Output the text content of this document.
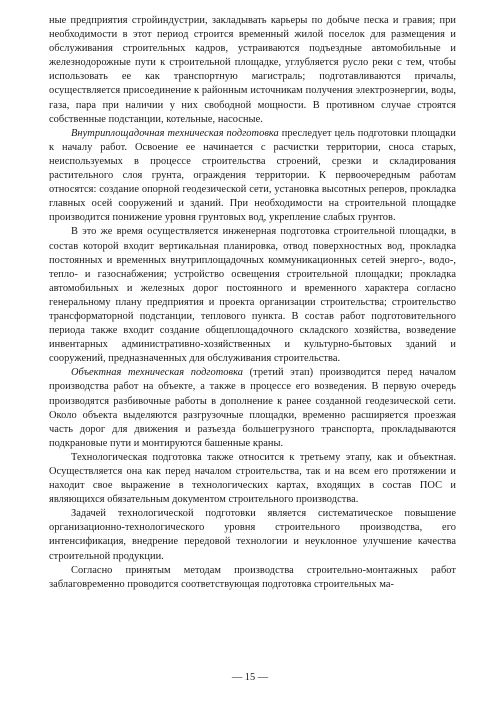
ные предприятия стройиндустрии, закладывать карьеры по добыче песка и гравия; при необходимости в этот период строится временный жилой поселок для размещения и обслуживания строительных кадров, устраиваются подъездные автомобильные и железнодорожные пути к строительной площадке, углубляется русло реки с тем, чтобы использовать ее как транспортную магистраль; подготавливаются причалы, осуществляется присоединение к районным источникам получения электроэнергии, воды, газа, пара при наличии у них свободной мощности. В противном случае строятся собственные подстанции, котельные, насосные.

Внутриплощадочная техническая подготовка преследует цель подготовки площадки к началу работ. Освоение ее начинается с расчистки территории, сноса старых, неиспользуемых в процессе строительства строений, срезки и складирования растительного слоя грунта, ограждения территории. К первоочередным работам относятся: создание опорной геодезической сети, установка высотных реперов, прокладка главных осей сооружений и зданий. При необходимости на строительной площадке производится понижение уровня грунтовых вод, укрепление слабых грунтов.

В это же время осуществляется инженерная подготовка строительной площадки, в состав которой входит вертикальная планировка, отвод поверхностных вод, прокладка постоянных и временных внутриплощадочных коммуникационных сетей энерго-, водо-, тепло- и газоснабжения; устройство освещения строительной площадки; прокладка автомобильных и железных дорог постоянного и временного характера согласно генеральному плану предприятия и проекта организации строительства; строительство трансформаторной подстанции, теплового пункта. В состав работ подготовительного периода также входит создание общеплощадочного складского хозяйства, возведение инвентарных административно-хозяйственных и культурно-бытовых зданий и сооружений, предназначенных для обслуживания строительства.

Объектная техническая подготовка (третий этап) производится перед началом производства работ на объекте, а также в процессе его возведения. В первую очередь производятся разбивочные работы в дополнение к ранее созданной геодезической сети. Около объекта выделяются разгрузочные площадки, временно расширяется проезжая часть дорог для движения и разъезда большегрузного транспорта, прокладываются подкрановые пути и монтируются башенные краны.

Технологическая подготовка также относится к третьему этапу, как и объектная. Осуществляется она как перед началом строительства, так и на всем его протяжении и находит свое выражение в технологических картах, входящих в состав ПОС и являющихся обязательным документом строительного производства.

Задачей технологической подготовки является систематическое повышение организационно-технологического уровня строительного производства, его интенсификация, внедрение передовой технологии и неуклонное улучшение качества строительной продукции.

Согласно принятым методам производства строительно-монтажных работ заблаговременно проводится соответствующая подготовка строительных ма-

— 15 —
